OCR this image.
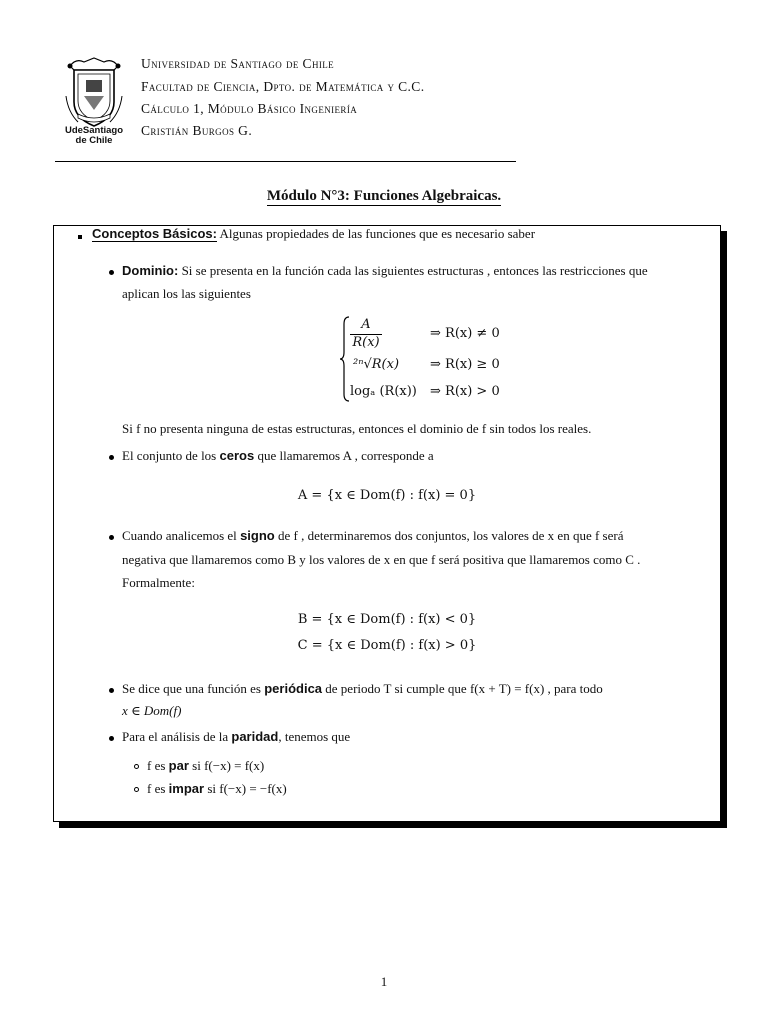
UdeSantiago
de Chile
Universidad de Santiago de Chile
Facultad de Ciencia, Dpto. de Matemática y C.C.
Cálculo 1, Módulo Básico Ingeniería
Cristián Burgos G.
Módulo N°3: Funciones Algebraicas.
Conceptos Básicos: Algunas propiedades de las funciones que es necesario saber
Dominio: Si se presenta en la función cada las siguientes estructuras , entonces las restricciones que
aplican los las siguientes
A
R(x)
⇒ R(x) ≠ 0
²ⁿ√R(x) ⇒ R(x) ≥ 0
logₐ (R(x)) ⇒ R(x) > 0
Si f no presenta ninguna de estas estructuras, entonces el dominio de f sin todos los reales.
El conjunto de los ceros que llamaremos A , corresponde a
A = {x ∈ Dom(f) : f(x) = 0}
Cuando analicemos el signo de f , determinaremos dos conjuntos, los valores de x en que f será
negativa que llamaremos como B y los valores de x en que f será positiva que llamaremos como C .
Formalmente:
B = {x ∈ Dom(f) : f(x) < 0}
C = {x ∈ Dom(f) : f(x) > 0}
Se dice que una función es periódica de periodo T si cumple que f(x + T) = f(x) , para todo
x ∈ Dom(f)
Para el análisis de la paridad, tenemos que
f es par si f(−x) = f(x)
f es impar si f(−x) = −f(x)
1
